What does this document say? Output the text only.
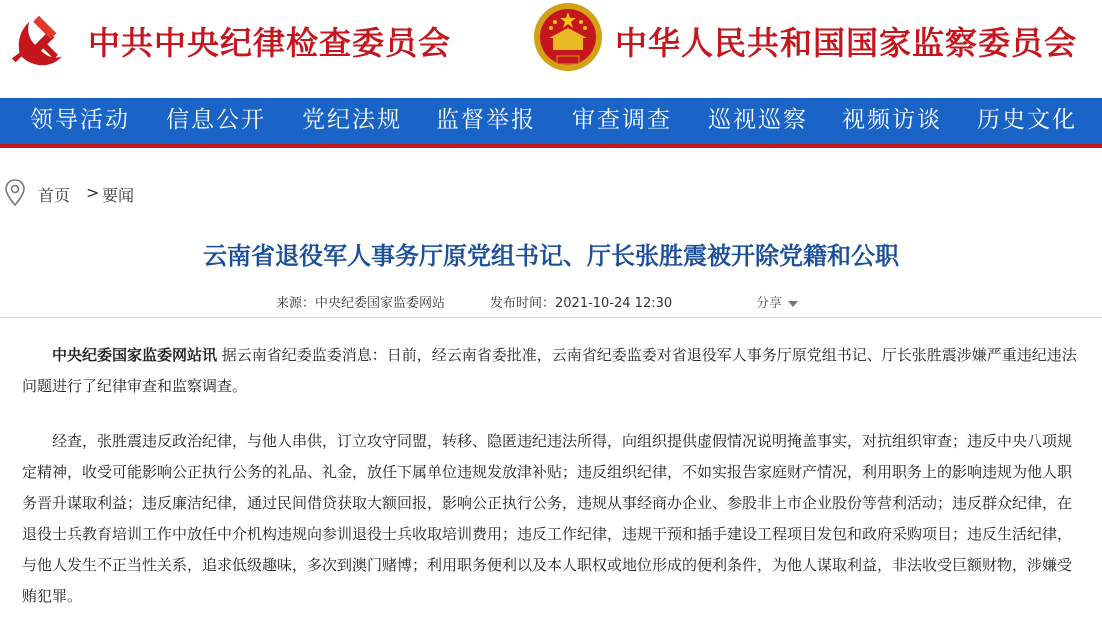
中共中央纪律检查委员会	中华人民共和国国家监察委员会
领导活动 信息公开 党纪法规 监督举报 审查调查 巡视巡察 视频访谈 历史文化
首页 > 要闻
云南省退役军人事务厅原党组书记、厅长张胜震被开除党籍和公职
来源：中央纪委国家监委网站	发布时间：2021-10-24 12:30	分享
中央纪委国家监委网站讯 据云南省纪委监委消息：日前，经云南省委批准，云南省纪委监委对省退役军人事务厅原党组书记、厅长张胜震涉嫌严重违纪违法问题进行了纪律审查和监察调查。
经查，张胜震违反政治纪律，与他人串供，订立攻守同盟，转移、隐匿违纪违法所得，向组织提供虚假情况说明掩盖事实，对抗组织审查；违反中央八项规定精神，收受可能影响公正执行公务的礼品、礼金，放任下属单位违规发放津补贴；违反组织纪律，不如实报告家庭财产情况，利用职务上的影响违规为他人职务晋升谋取利益；违反廉洁纪律，通过民间借贷获取大额回报，影响公正执行公务，违规从事经商办企业、参股非上市企业股份等营利活动；违反群众纪律，在退役士兵教育培训工作中放任中介机构违规向参训退役士兵收取培训费用；违反工作纪律，违规干预和插手建设工程项目发包和政府采购项目；违反生活纪律，与他人发生不正当性关系，追求低级趣味，多次到澳门赌博；利用职务便利以及本人职权或地位形成的便利条件，为他人谋取利益，非法收受巨额财物，涉嫌受贿犯罪。
